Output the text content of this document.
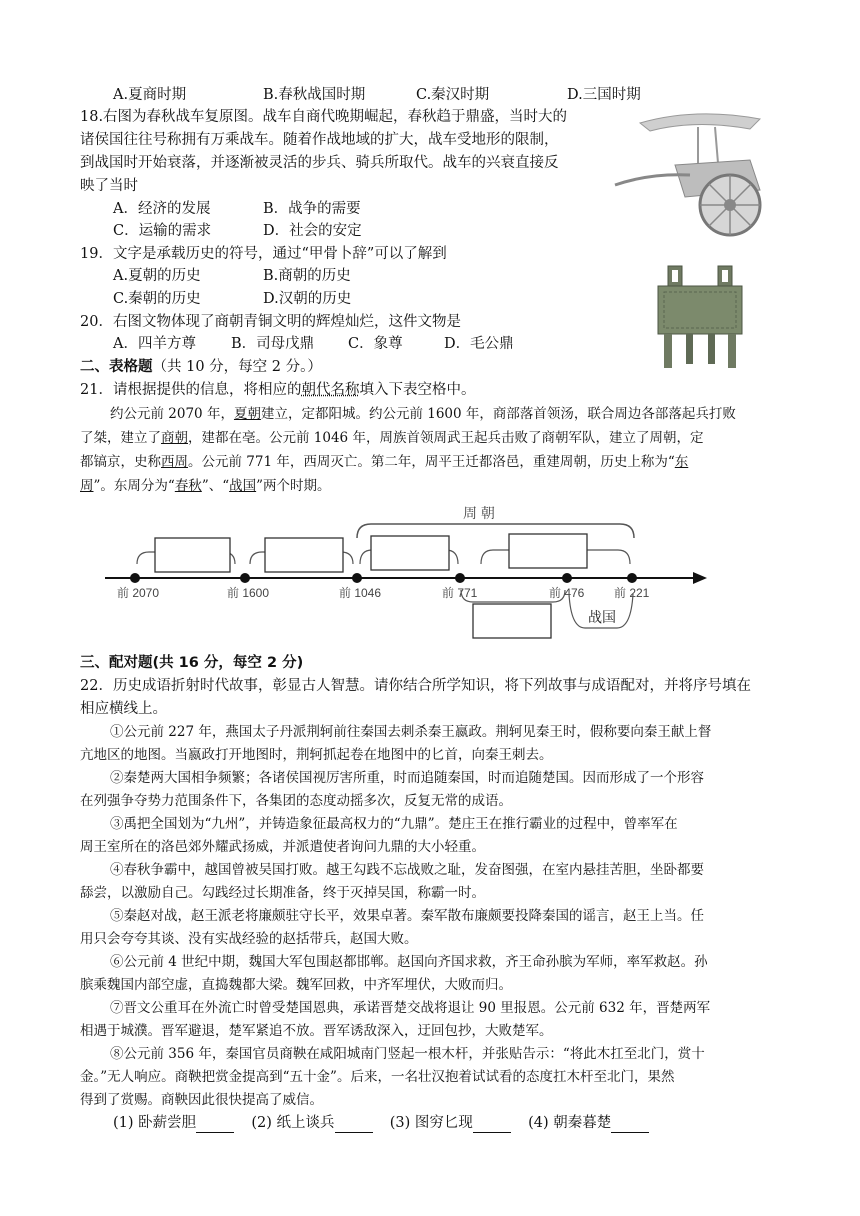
A.夏商时期	B.春秋战国时期	C.秦汉时期	D.三国时期
18.右图为春秋战车复原图。战车自商代晚期崛起，春秋趋于鼎盛，当时大的
诸侯国往往号称拥有万乘战车。随着作战地域的扩大，战车受地形的限制，
到战国时开始衰落，并逐渐被灵活的步兵、骑兵所取代。战车的兴衰直接反
映了当时
A．经济的发展	B．战争的需要
C．运输的需求	D．社会的安定
19．文字是承载历史的符号，通过“甲骨卜辞”可以了解到
A.夏朝的历史	B.商朝的历史
C.秦朝的历史	D.汉朝的历史
20．右图文物体现了商朝青铜文明的辉煌灿烂，这件文物是
A．四羊方尊 B．司母戊鼎 C．象尊	D．毛公鼎
二、表格题（共 10 分，每空 2 分。）
21．请根据提供的信息，将相应的朝代名称填入下表空格中。
约公元前 2070 年，夏朝建立，定都阳城。约公元前 1600 年，商部落首领汤，联合周边各部落起兵打败
了桀，建立了商朝，建都在亳。公元前 1046 年，周族首领周武王起兵击败了商朝军队，建立了周朝，定
都镐京，史称西周。公元前 771 年，西周灭亡。第二年，周平王迁都洛邑，重建周朝，历史上称为“东
周”。东周分为“春秋”、“战国”两个时期。
周 朝
前 2070	前 1600	前 1046	前 771	前 476 前 221
战国
三、配对题(共 16 分，每空 2 分)
22．历史成语折射时代故事，彰显古人智慧。请你结合所学知识，将下列故事与成语配对，并将序号填在
相应横线上。
①公元前 227 年，燕国太子丹派荆轲前往秦国去刺杀秦王嬴政。荆轲见秦王时，假称要向秦王献上督
亢地区的地图。当嬴政打开地图时，荆轲抓起卷在地图中的匕首，向秦王刺去。
②秦楚两大国相争频繁；各诸侯国视厉害所重，时而追随秦国，时而追随楚国。因而形成了一个形容
在列强争夺势力范围条件下，各集团的态度动摇多次，反复无常的成语。
③禹把全国划为“九州”，并铸造象征最高权力的“九鼎”。楚庄王在推行霸业的过程中，曾率军在
周王室所在的洛邑郊外耀武扬威，并派遣使者询问九鼎的大小轻重。
④春秋争霸中，越国曾被吴国打败。越王勾践不忘战败之耻，发奋图强，在室内悬挂苦胆，坐卧都要
舔尝，以激励自己。勾践经过长期准备，终于灭掉吴国，称霸一时。
⑤秦赵对战，赵王派老将廉颇驻守长平，效果卓著。秦军散布廉颇要投降秦国的谣言，赵王上当。任
用只会夸夸其谈、没有实战经验的赵括带兵，赵国大败。
⑥公元前 4 世纪中期，魏国大军包围赵都邯郸。赵国向齐国求救，齐王命孙膑为军师，率军救赵。孙
膑乘魏国内部空虚，直捣魏都大梁。魏军回救，中齐军埋伏，大败而归。
⑦晋文公重耳在外流亡时曾受楚国恩典，承诺晋楚交战将退让 90 里报恩。公元前 632 年，晋楚两军
相遇于城濮。晋军避退，楚军紧追不放。晋军诱敌深入，迂回包抄，大败楚军。
⑧公元前 356 年，秦国官员商鞅在咸阳城南门竖起一根木杆，并张贴告示：“将此木扛至北门，赏十
金。”无人响应。商鞅把赏金提高到“五十金”。后来，一名壮汉抱着试试看的态度扛木杆至北门，果然
得到了赏赐。商鞅因此很快提高了威信。
(1) 卧薪尝胆	(2) 纸上谈兵	(3) 图穷匕现	(4) 朝秦暮楚
